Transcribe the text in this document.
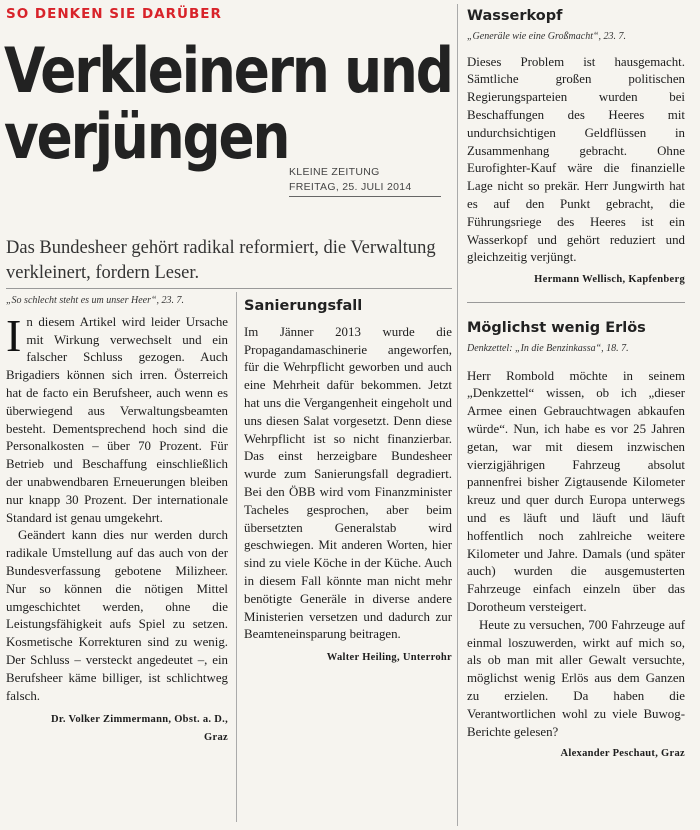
SO DENKEN SIE DARÜBER
Verkleinern und
verjüngen KLEINE ZEITUNG
FREITAG, 25. JULI 2014
Das Bundesheer gehört radikal reformiert, die Verwaltung verkleinert, fordern Leser.
„So schlecht steht es um unser Heer“, 23. 7.

In diesem Artikel wird leider Ursache mit Wirkung verwechselt und ein falscher Schluss gezogen. Auch Brigadiers können sich irren. Österreich hat de facto ein Berufsheer, auch wenn es überwiegend aus Verwaltungsbeamten besteht. Dementsprechend hoch sind die Personalkosten – über 70 Prozent. Für Betrieb und Beschaffung einschließlich der unabwendbaren Erneuerungen bleiben nur knapp 30 Prozent. Der internationale Standard ist genau umgekehrt.

Geändert kann dies nur werden durch radikale Umstellung auf das auch von der Bundesverfassung gebotene Milizheer. Nur so können die nötigen Mittel umgeschichtet werden, ohne die Leistungsfähigkeit aufs Spiel zu setzen. Kosmetische Korrekturen sind zu wenig. Der Schluss – versteckt angedeutet –, ein Berufsheer käme billiger, ist schlichtweg falsch.

Dr. Volker Zimmermann, Obst. a. D.,
Graz
Sanierungsfall

Im Jänner 2013 wurde die Propagandamaschinerie angeworfen, für die Wehrpflicht geworben und auch eine Mehrheit dafür bekommen. Jetzt hat uns die Vergangenheit eingeholt und uns diesen Salat vorgesetzt. Denn diese Wehrpflicht ist so nicht finanzierbar. Das einst herzeigbare Bundesheer wurde zum Sanierungsfall degradiert. Bei den ÖBB wird vom Finanzminister Tacheles gesprochen, aber beim übersetzten Generalstab wird geschwiegen. Mit anderen Worten, hier sind zu viele Köche in der Küche. Auch in diesem Fall könnte man nicht mehr benötigte Generäle in diverse andere Ministerien versetzen und dadurch zur Beamteneinsparung beitragen.

Walter Heiling, Unterrohr
Wasserkopf
„Generäle wie eine Großmacht“, 23. 7.

Dieses Problem ist hausgemacht. Sämtliche großen politischen Regierungsparteien wurden bei Beschaffungen des Heeres mit undurchsichtigen Geldflüssen in Zusammenhang gebracht. Ohne Eurofighter-Kauf wäre die finanzielle Lage nicht so prekär. Herr Jungwirth hat es auf den Punkt gebracht, die Führungsriege des Heeres ist ein Wasserkopf und gehört reduziert und gleichzeitig verjüngt.

Hermann Wellisch, Kapfenberg
Möglichst wenig Erlös
Denkzettel: „In die Benzinkassa“, 18. 7.

Herr Rombold möchte in seinem „Denkzettel“ wissen, ob ich „dieser Armee einen Gebrauchtwagen abkaufen würde“. Nun, ich habe es vor 25 Jahren getan, war mit diesem inzwischen vierzigjährigen Fahrzeug absolut pannenfrei bisher Zigtausende Kilometer kreuz und quer durch Europa unterwegs und es läuft und läuft und läuft hoffentlich noch zahlreiche weitere Kilometer und Jahre. Damals (und später auch) wurden die ausgemusterten Fahrzeuge einfach einzeln über das Dorotheum versteigert.

Heute zu versuchen, 700 Fahrzeuge auf einmal loszuwerden, wirkt auf mich so, als ob man mit aller Gewalt versuchte, möglichst wenig Erlös aus dem Ganzen zu erzielen. Da haben die Verantwortlichen wohl zu viele Buwog-Berichte gelesen?

Alexander Peschaut, Graz
